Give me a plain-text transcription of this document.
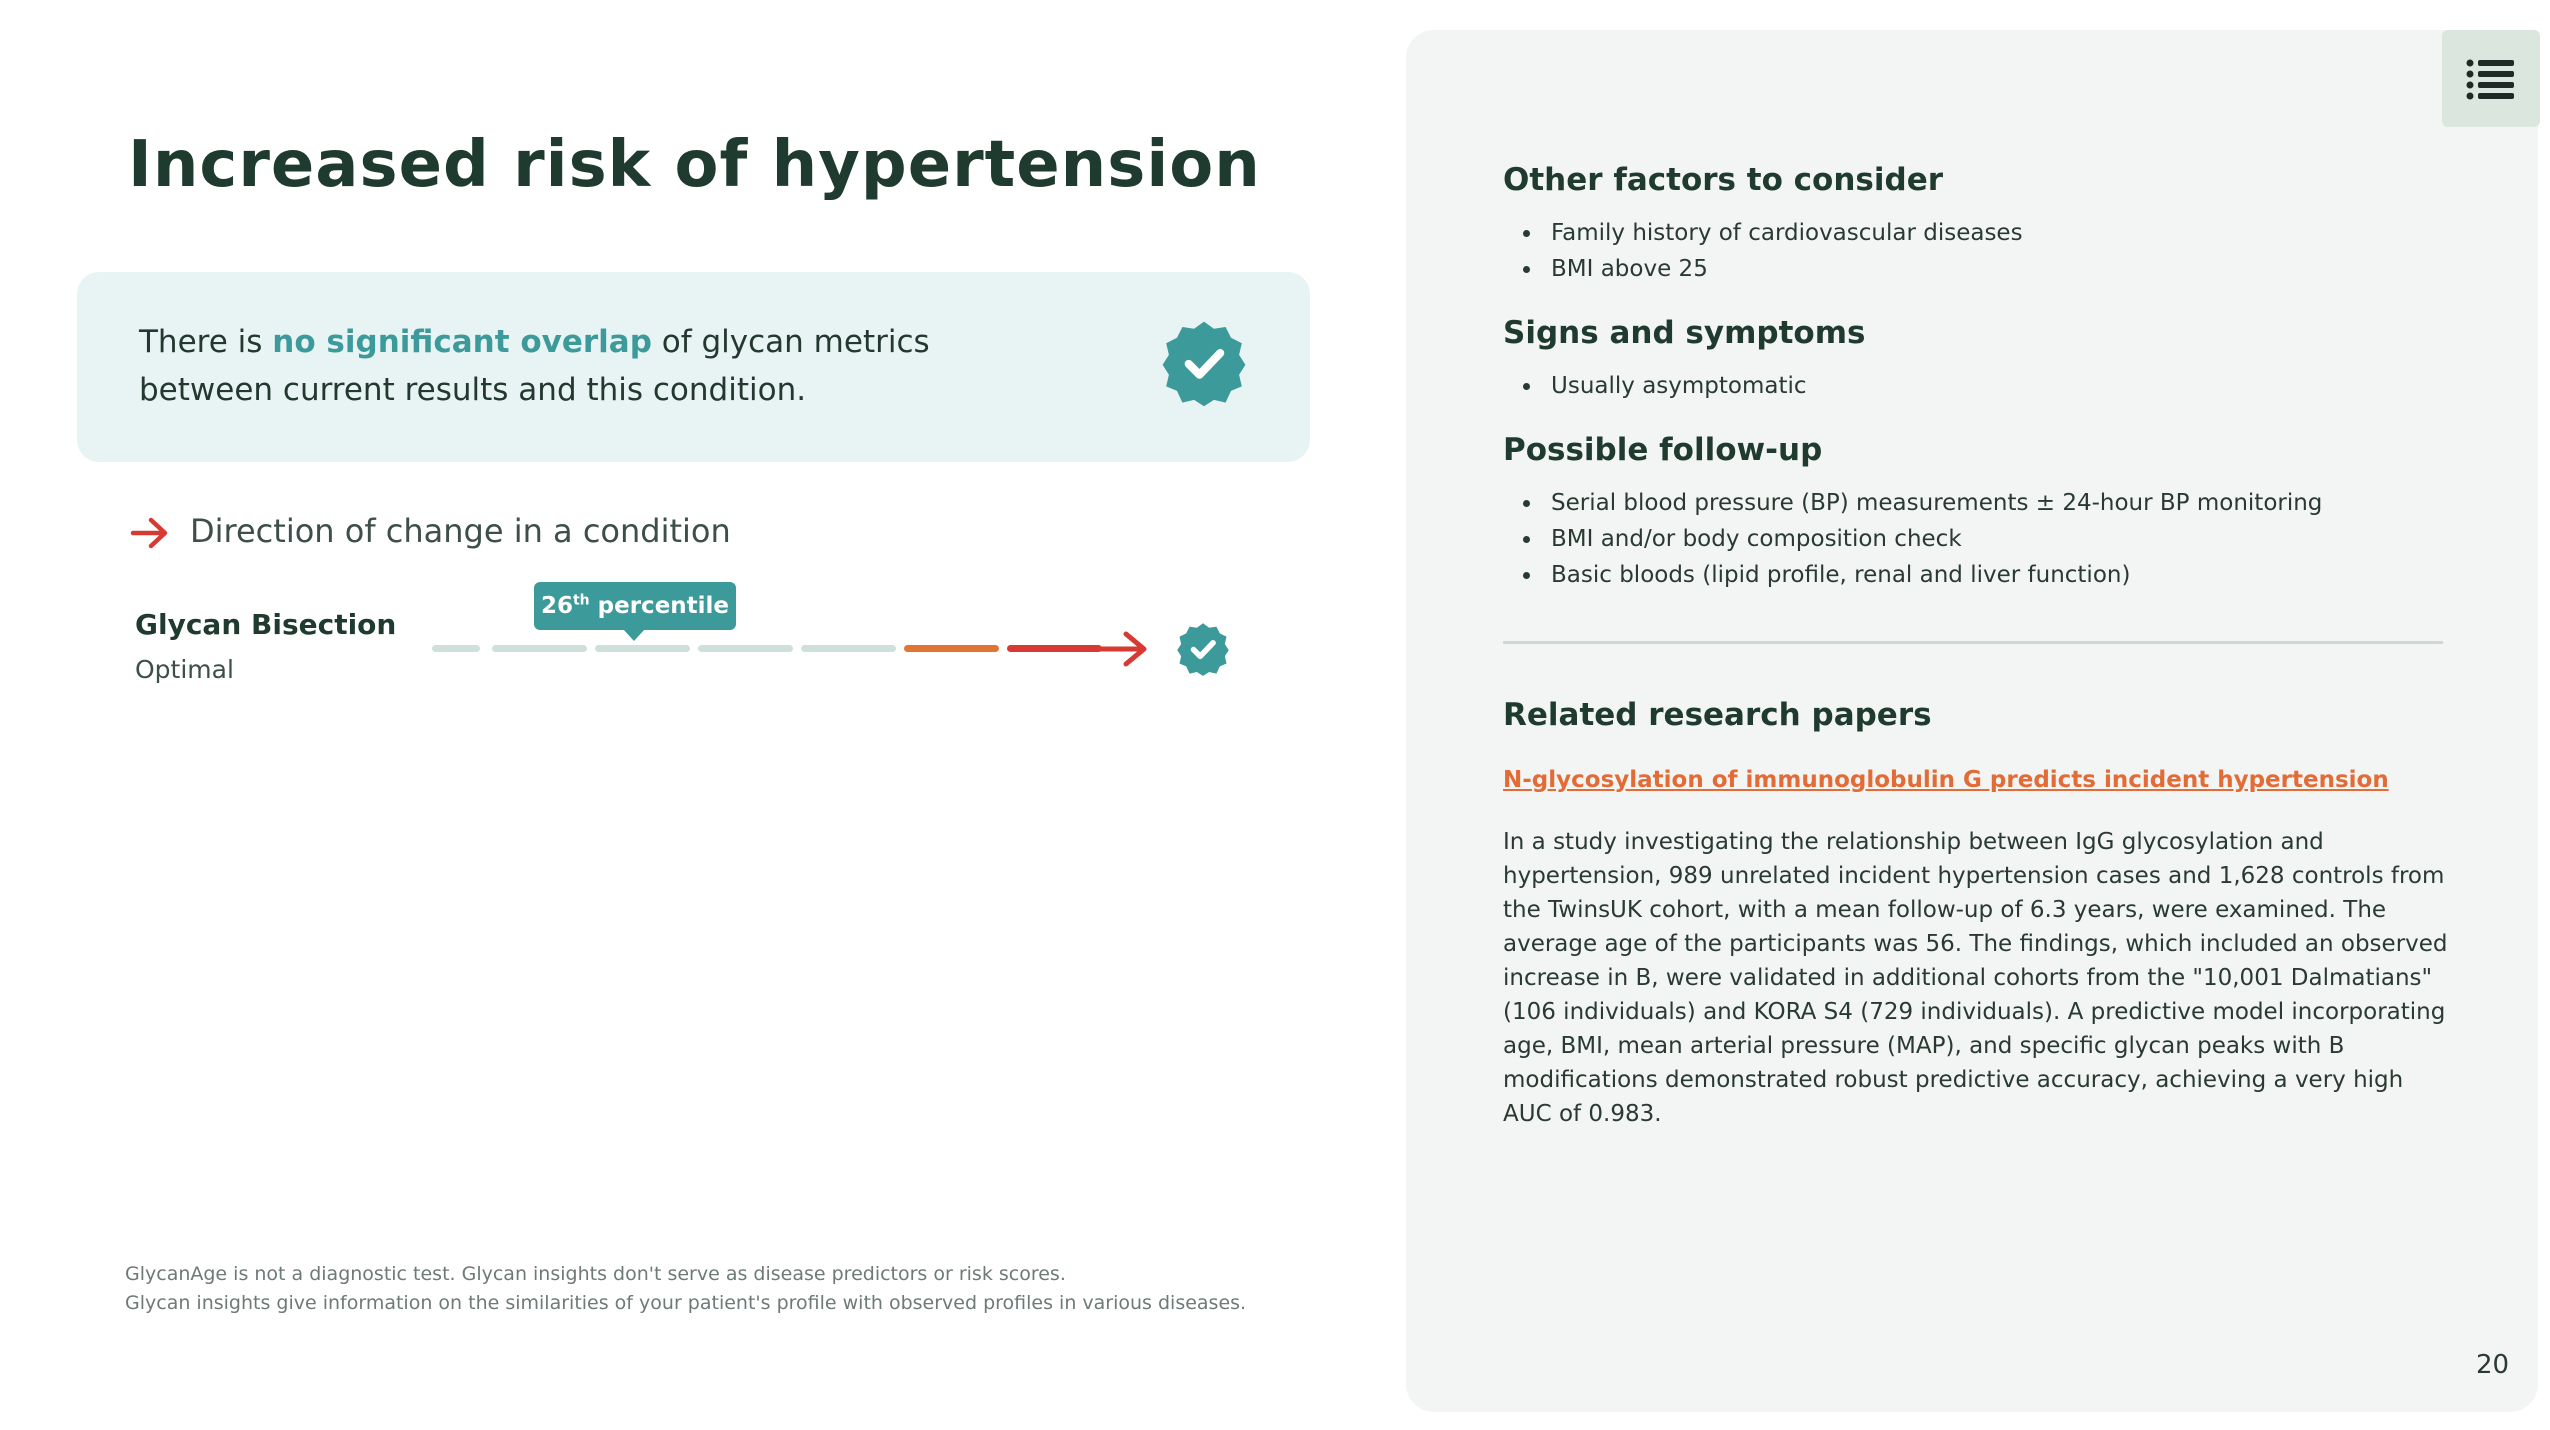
Increased risk of hypertension
There is no significant overlap of glycan metrics between current results and this condition.
Direction of change in a condition
Glycan Bisection
Optimal
26th percentile
GlycanAge is not a diagnostic test. Glycan insights don't serve as disease predictors or risk scores.
Glycan insights give information on the similarities of your patient's profile with observed profiles in various diseases.
Other factors to consider
Family history of cardiovascular diseases
BMI above 25
Signs and symptoms
Usually asymptomatic
Possible follow-up
Serial blood pressure (BP) measurements ± 24-hour BP monitoring
BMI and/or body composition check
Basic bloods (lipid profile, renal and liver function)
Related research papers
N-glycosylation of immunoglobulin G predicts incident hypertension
In a study investigating the relationship between IgG glycosylation and hypertension, 989 unrelated incident hypertension cases and 1,628 controls from the TwinsUK cohort, with a mean follow-up of 6.3 years, were examined. The average age of the participants was 56. The findings, which included an observed increase in B, were validated in additional cohorts from the "10,001 Dalmatians" (106 individuals) and KORA S4 (729 individuals). A predictive model incorporating age, BMI, mean arterial pressure (MAP), and specific glycan peaks with B modifications demonstrated robust predictive accuracy, achieving a very high AUC of 0.983.
20
